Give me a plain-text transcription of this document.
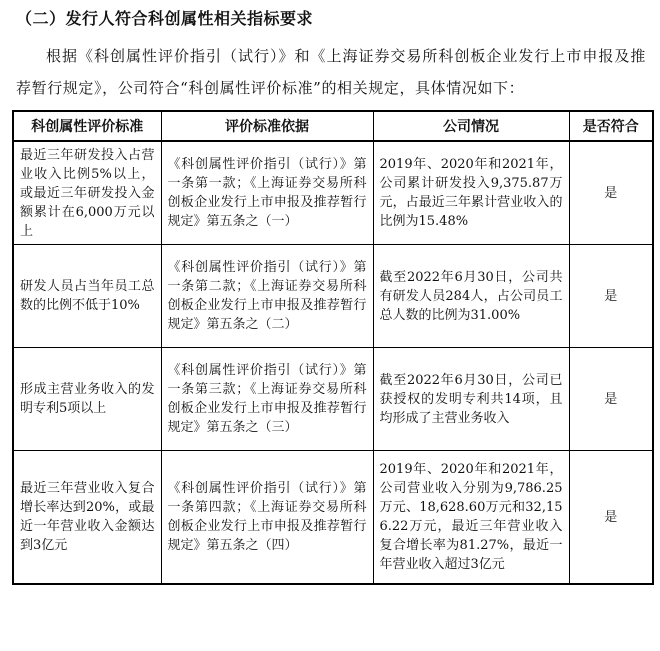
（二）发行人符合科创属性相关指标要求

根据《科创属性评价指引（试行）》和《上海证券交易所科创板企业发行上市申报及推荐暂行规定》，公司符合“科创属性评价标准”的相关规定，具体情况如下：

科创属性评价标准	评价标准依据	公司情况	是否符合
最近三年研发投入占营业收入比例5%以上，或最近三年研发投入金额累计在6,000万元以上	《科创属性评价指引（试行）》第一条第一款；《上海证券交易所科创板企业发行上市申报及推荐暂行规定》第五条之（一）	2019年、2020年和2021年，公司累计研发投入9,375.87万元，占最近三年累计营业收入的比例为15.48%	是
研发人员占当年员工总数的比例不低于10%	《科创属性评价指引（试行）》第一条第二款；《上海证券交易所科创板企业发行上市申报及推荐暂行规定》第五条之（二）	截至2022年6月30日，公司共有研发人员284人，占公司员工总人数的比例为31.00%	是
形成主营业务收入的发明专利5项以上	《科创属性评价指引（试行）》第一条第三款；《上海证券交易所科创板企业发行上市申报及推荐暂行规定》第五条之（三）	截至2022年6月30日，公司已获授权的发明专利共14项，且均形成了主营业务收入	是
最近三年营业收入复合增长率达到20%，或最近一年营业收入金额达到3亿元	《科创属性评价指引（试行）》第一条第四款；《上海证券交易所科创板企业发行上市申报及推荐暂行规定》第五条之（四）	2019年、2020年和2021年，公司营业收入分别为9,786.25万元、18,628.60万元和32,156.22万元，最近三年营业收入复合增长率为81.27%，最近一年营业收入超过3亿元	是
